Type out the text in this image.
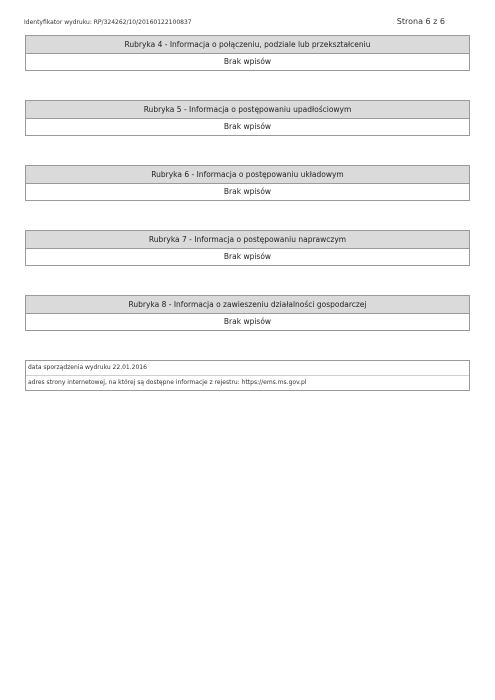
Identyfikator wydruku: RP/324262/10/20160122100837	Strona 6 z 6
Rubryka 4 - Informacja o połączeniu, podziale lub przekształceniu
Brak wpisów
Rubryka 5 - Informacja o postępowaniu upadłościowym
Brak wpisów
Rubryka 6 - Informacja o postępowaniu układowym
Brak wpisów
Rubryka 7 - Informacja o postępowaniu naprawczym
Brak wpisów
Rubryka 8 - Informacja o zawieszeniu działalności gospodarczej
Brak wpisów
data sporządzenia wydruku 22.01.2016
adres strony internetowej, na której są dostępne informacje z rejestru: https://ems.ms.gov.pl
